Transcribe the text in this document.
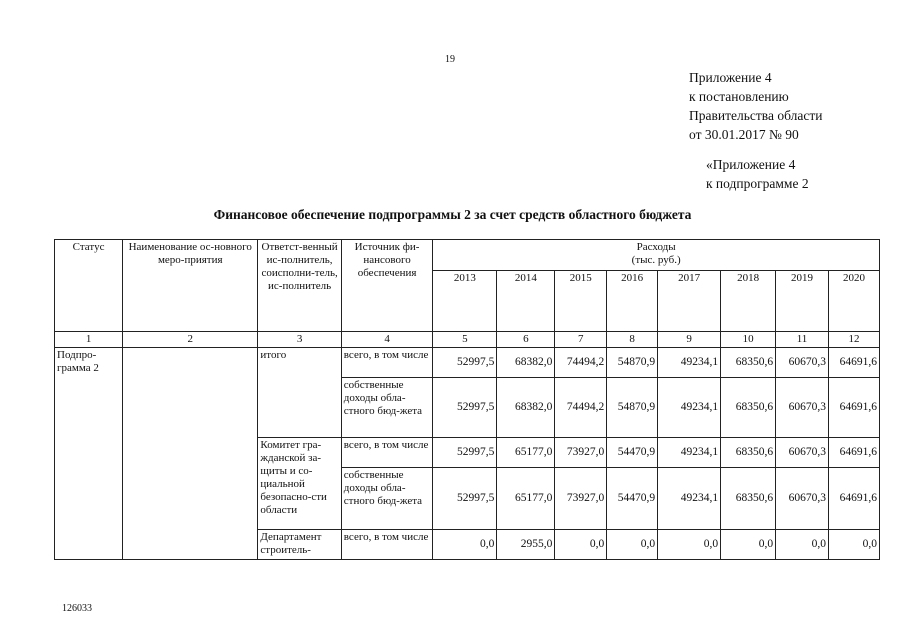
19
Приложение 4
к постановлению
Правительства области
от 30.01.2017 № 90
«Приложение 4
к подпрограмме 2
Финансовое обеспечение подпрограммы 2 за счет средств областного бюджета
Статус	Наименование ос-новного меро-приятия	Ответст-венный ис-полнитель, соисполни-тель, ис-полнитель	Источник фи-нансового обеспечения	Расходы
(тыс. руб.)							

				2013	2014	2015	2016	2017	2018	2019	2020
1	2	3	4	5	6	7	8	9	10	11	12
Подпро-грамма 2		итого	всего, в том числе	52997,5	68382,0	74494,2	54870,9	49234,1	68350,6	60670,3	64691,6
			собственные доходы обла-стного бюд-жета	52997,5	68382,0	74494,2	54870,9	49234,1	68350,6	60670,3	64691,6
		Комитет гра-жданской за-щиты и со-циальной безопасно-сти области	всего, в том числе	52997,5	65177,0	73927,0	54470,9	49234,1	68350,6	60670,3	64691,6
			собственные доходы обла-стного бюд-жета	52997,5	65177,0	73927,0	54470,9	49234,1	68350,6	60670,3	64691,6
		Департамент строитель-	всего, в том числе	0,0	2955,0	0,0	0,0	0,0	0,0	0,0	0,0
126033
